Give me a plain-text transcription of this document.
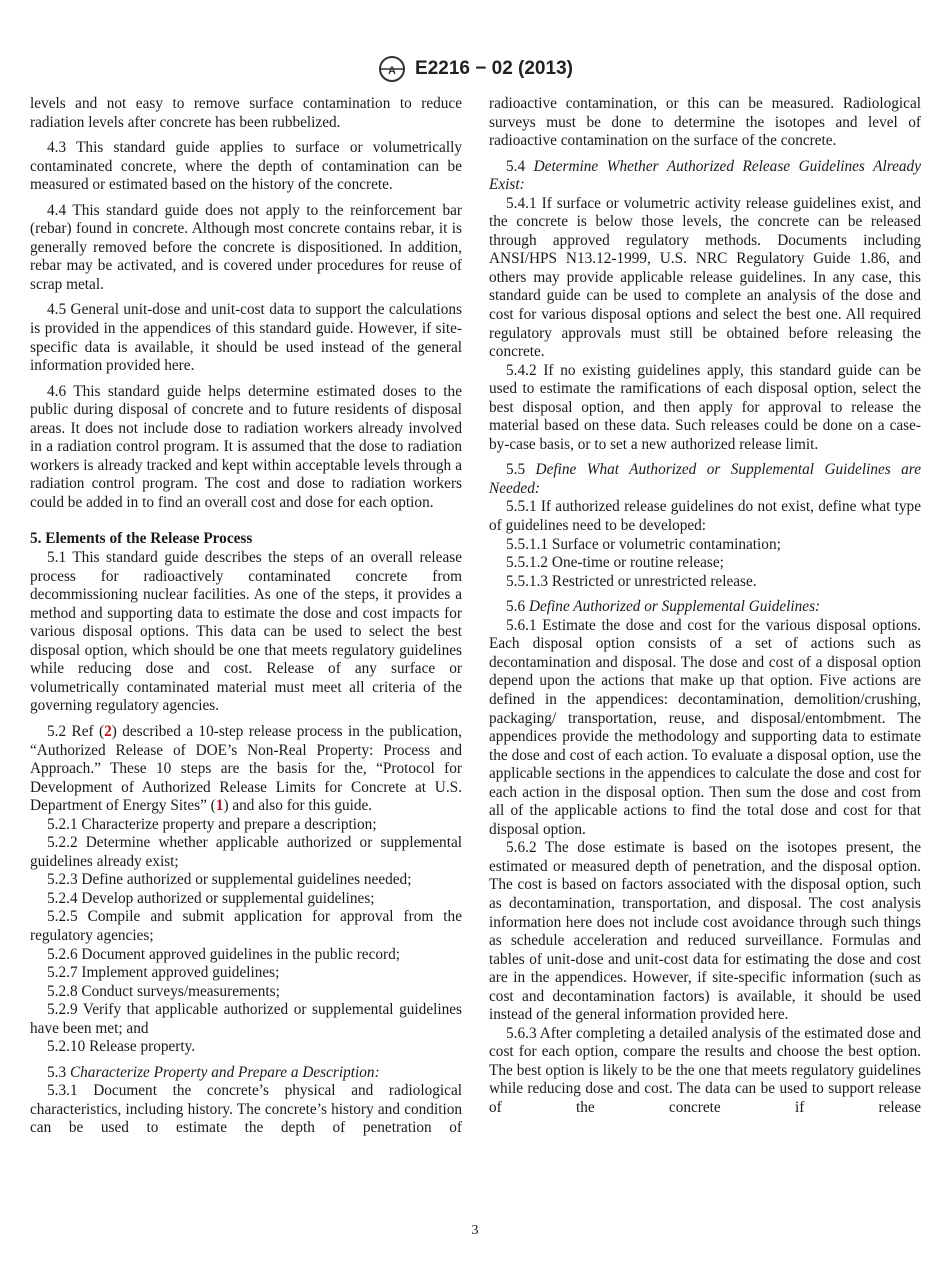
A E2216 − 02 (2013)

levels and not easy to remove surface contamination to reduce radiation levels after concrete has been rubbelized.

4.3 This standard guide applies to surface or volumetrically contaminated concrete, where the depth of contamination can be measured or estimated based on the history of the concrete.

4.4 This standard guide does not apply to the reinforcement bar (rebar) found in concrete. Although most concrete contains rebar, it is generally removed before the concrete is dispositioned. In addition, rebar may be activated, and is covered under procedures for reuse of scrap metal.

4.5 General unit-dose and unit-cost data to support the calculations is provided in the appendices of this standard guide. However, if site-specific data is available, it should be used instead of the general information provided here.

4.6 This standard guide helps determine estimated doses to the public during disposal of concrete and to future residents of disposal areas. It does not include dose to radiation workers already involved in a radiation control program. It is assumed that the dose to radiation workers is already tracked and kept within acceptable levels through a radiation control program. The cost and dose to radiation workers could be added in to find an overall cost and dose for each option.

5. Elements of the Release Process

5.1 This standard guide describes the steps of an overall release process for radioactively contaminated concrete from decommissioning nuclear facilities. As one of the steps, it provides a method and supporting data to estimate the dose and cost impacts for various disposal options. This data can be used to select the best disposal option, which should be one that meets regulatory guidelines while reducing dose and cost. Release of any surface or volumetrically contaminated material must meet all criteria of the governing regulatory agencies.

5.2 Ref (2) described a 10-step release process in the publication, “Authorized Release of DOE’s Non-Real Property: Process and Approach.” These 10 steps are the basis for the, “Protocol for Development of Authorized Release Limits for Concrete at U.S. Department of Energy Sites” (1) and also for this guide.

5.2.1 Characterize property and prepare a description;

5.2.2 Determine whether applicable authorized or supplemental guidelines already exist;

5.2.3 Define authorized or supplemental guidelines needed;

5.2.4 Develop authorized or supplemental guidelines;

5.2.5 Compile and submit application for approval from the regulatory agencies;

5.2.6 Document approved guidelines in the public record;

5.2.7 Implement approved guidelines;

5.2.8 Conduct surveys/measurements;

5.2.9 Verify that applicable authorized or supplemental guidelines have been met; and

5.2.10 Release property.

5.3 Characterize Property and Prepare a Description:

5.3.1 Document the concrete’s physical and radiological characteristics, including history. The concrete’s history and condition can be used to estimate the depth of penetration of

radioactive contamination, or this can be measured. Radiological surveys must be done to determine the isotopes and level of radioactive contamination on the surface of the concrete.

5.4 Determine Whether Authorized Release Guidelines Already Exist:

5.4.1 If surface or volumetric activity release guidelines exist, and the concrete is below those levels, the concrete can be released through approved regulatory methods. Documents including ANSI/HPS N13.12-1999, U.S. NRC Regulatory Guide 1.86, and others may provide applicable release guidelines. In any case, this standard guide can be used to complete an analysis of the dose and cost for various disposal options and select the best one. All required regulatory approvals must still be obtained before releasing the concrete.

5.4.2 If no existing guidelines apply, this standard guide can be used to estimate the ramifications of each disposal option, select the best disposal option, and then apply for approval to release the material based on these data. Such releases could be done on a case-by-case basis, or to set a new authorized release limit.

5.5 Define What Authorized or Supplemental Guidelines are Needed:

5.5.1 If authorized release guidelines do not exist, define what type of guidelines need to be developed:

5.5.1.1 Surface or volumetric contamination;

5.5.1.2 One-time or routine release;

5.5.1.3 Restricted or unrestricted release.

5.6 Define Authorized or Supplemental Guidelines:

5.6.1 Estimate the dose and cost for the various disposal options. Each disposal option consists of a set of actions such as decontamination and disposal. The dose and cost of a disposal option depend upon the actions that make up that option. Five actions are defined in the appendices: decontamination, demolition/crushing, packaging/ transportation, reuse, and disposal/entombment. The appendices provide the methodology and supporting data to estimate the dose and cost of each action. To evaluate a disposal option, use the applicable sections in the appendices to calculate the dose and cost for each action in the disposal option. Then sum the dose and cost from all of the applicable actions to find the total dose and cost for that disposal option.

5.6.2 The dose estimate is based on the isotopes present, the estimated or measured depth of penetration, and the disposal option. The cost is based on factors associated with the disposal option, such as decontamination, transportation, and disposal. The cost analysis information here does not include cost avoidance through such things as schedule acceleration and reduced surveillance. Formulas and tables of unit-dose and unit-cost data for estimating the dose and cost are in the appendices. However, if site-specific information (such as cost and decontamination factors) is available, it should be used instead of the general information provided here.

5.6.3 After completing a detailed analysis of the estimated dose and cost for each option, compare the results and choose the best option. The best option is likely to be the one that meets regulatory guidelines while reducing dose and cost. The data can be used to support release of the concrete if release

3
